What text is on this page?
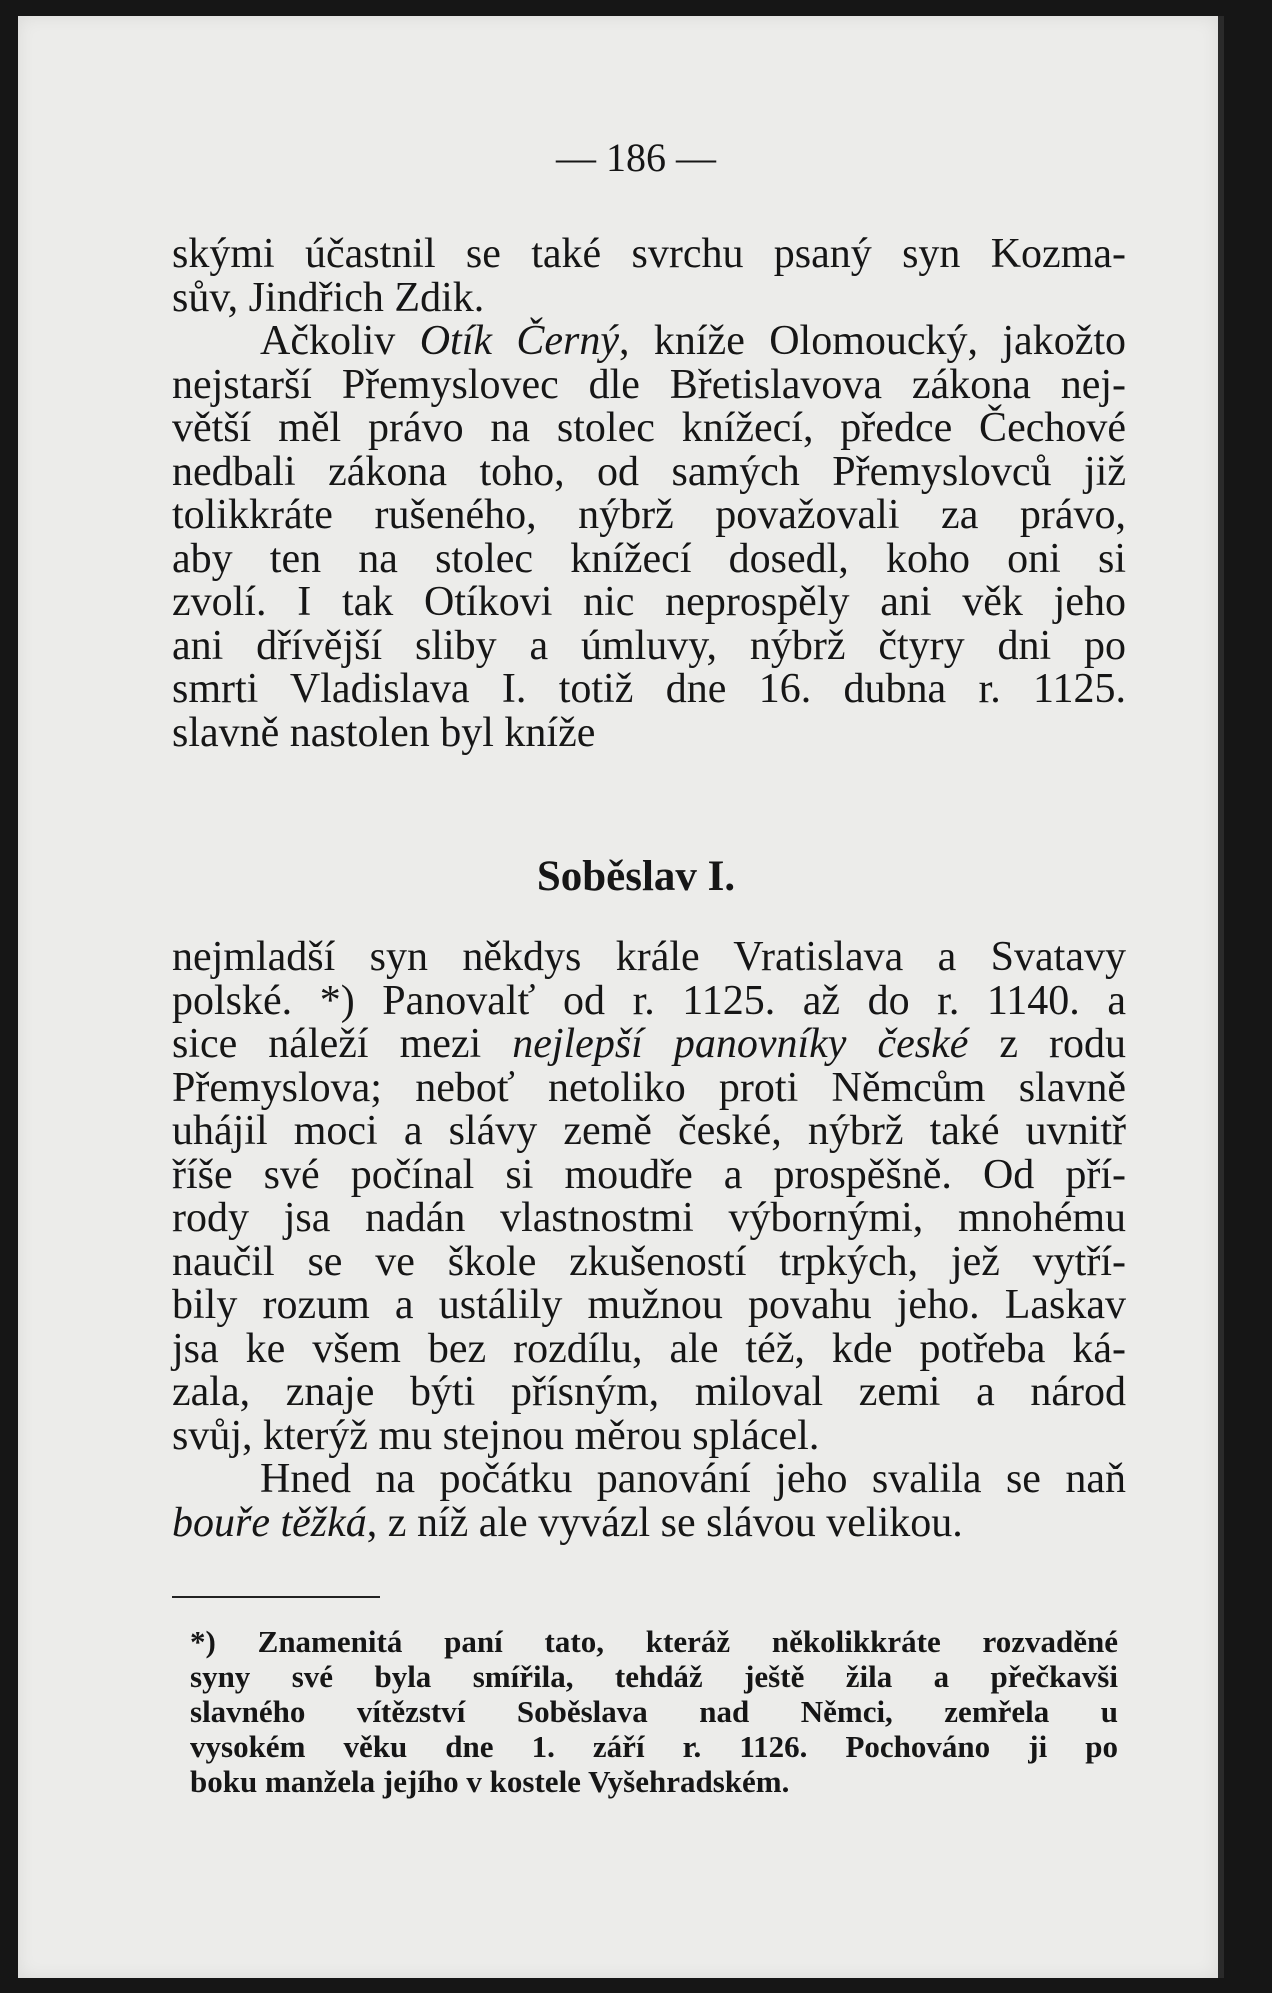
— 186 —
skými účastnil se také svrchu psaný syn Kozma-
sův, Jindřich Zdik.
Ačkoliv Otík Černý, kníže Olomoucký, jakožto
nejstarší Přemyslovec dle Břetislavova zákona nej-
větší měl právo na stolec knížecí, předce Čechové
nedbali zákona toho, od samých Přemyslovců již
tolikkráte rušeného, nýbrž považovali za právo,
aby ten na stolec knížecí dosedl, koho oni si
zvolí. I tak Otíkovi nic neprospěly ani věk jeho
ani dřívější sliby a úmluvy, nýbrž čtyry dni po
smrti Vladislava I. totiž dne 16. dubna r. 1125.
slavně nastolen byl kníže
Soběslav I.
nejmladší syn někdys krále Vratislava a Svatavy
polské. *) Panovalť od r. 1125. až do r. 1140. a
sice náleží mezi nejlepší panovníky české z rodu
Přemyslova; neboť netoliko proti Němcům slavně
uhájil moci a slávy země české, nýbrž také uvnitř
říše své počínal si moudře a prospěšně. Od pří-
rody jsa nadán vlastnostmi výbornými, mnohému
naučil se ve škole zkušeností trpkých, jež vytří-
bily rozum a ustálily mužnou povahu jeho. Laskav
jsa ke všem bez rozdílu, ale též, kde potřeba ká-
zala, znaje býti přísným, miloval zemi a národ
svůj, kterýž mu stejnou měrou splácel.
Hned na počátku panování jeho svalila se naň
bouře těžká, z níž ale vyvázl se slávou velikou.
*) Znamenitá paní tato, kteráž několikkráte rozvaděné
syny své byla smířila, tehdáž ještě žila a přečkavši
slavného vítězství Soběslava nad Němci, zemřela u
vysokém věku dne 1. září r. 1126. Pochováno ji po
boku manžela jejího v kostele Vyšehradském.
